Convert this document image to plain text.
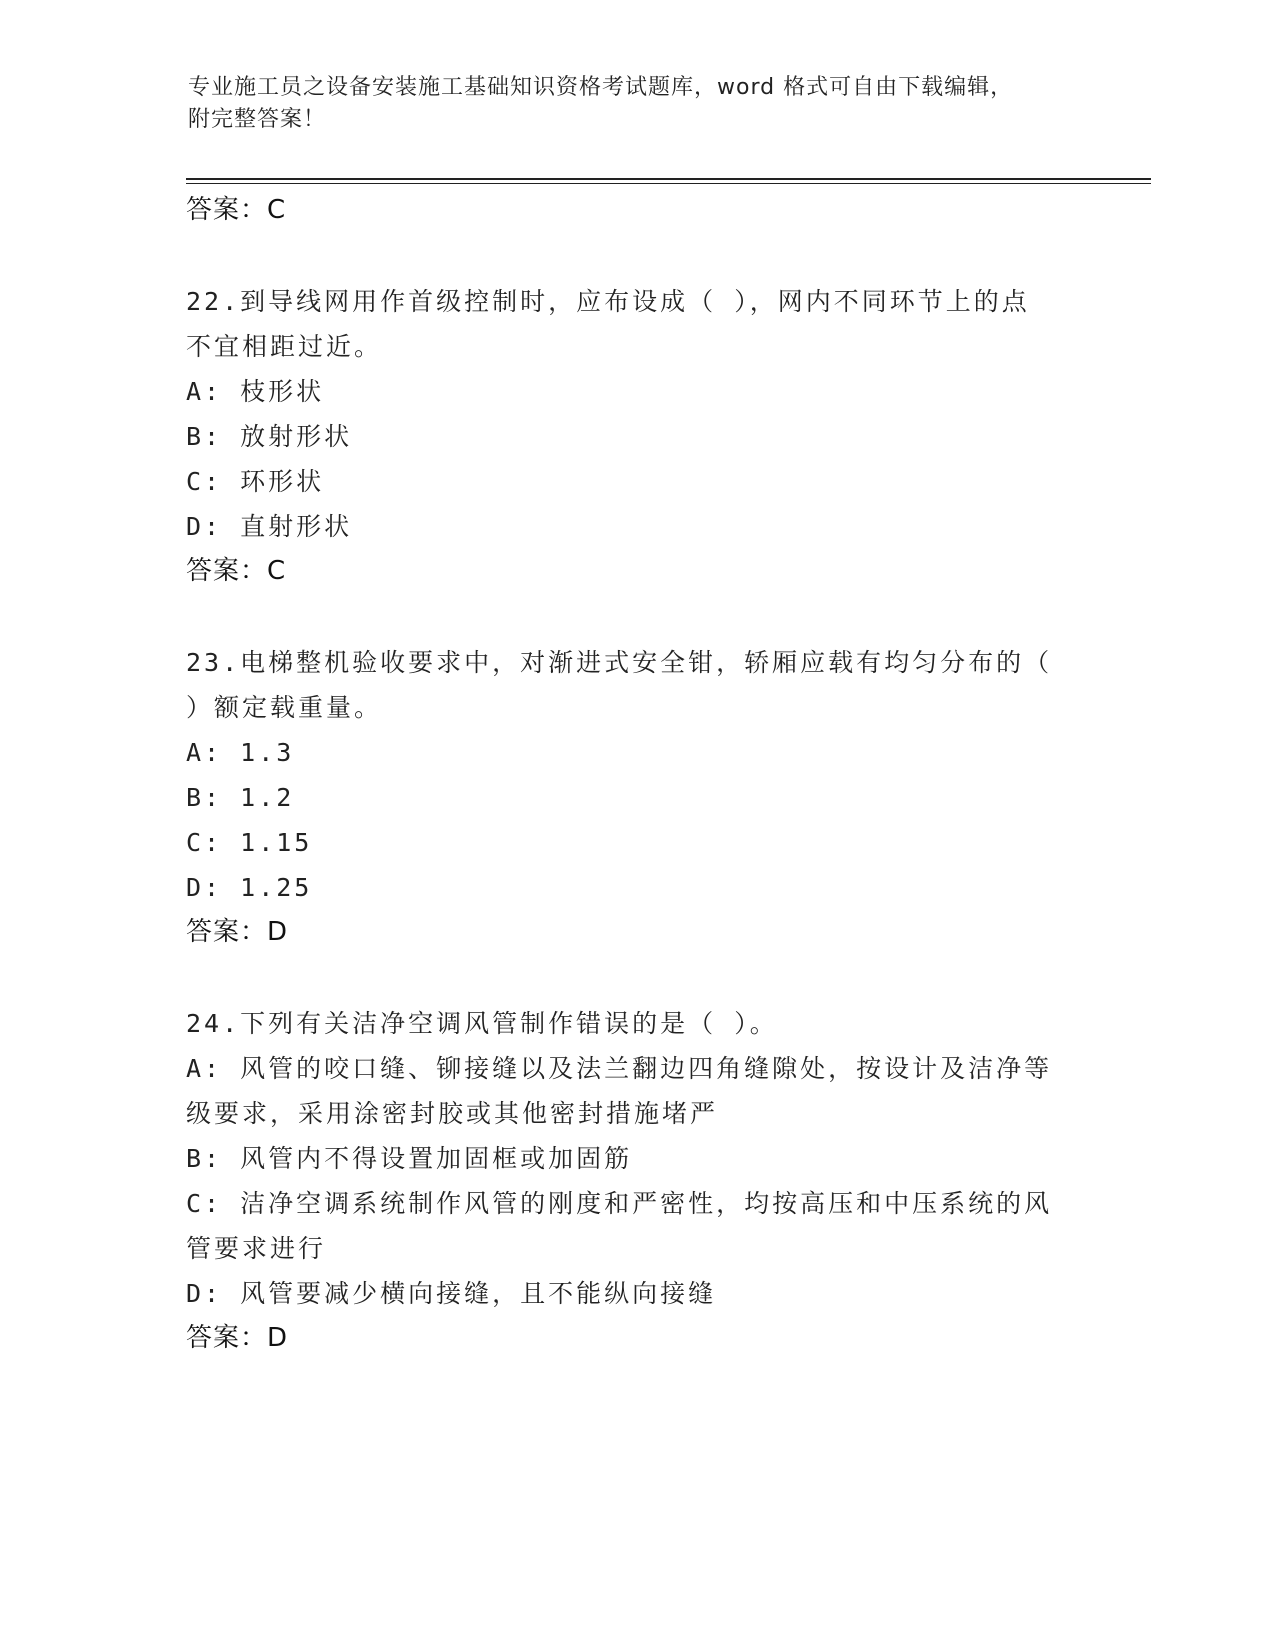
专业施工员之设备安装施工基础知识资格考试题库，word 格式可自由下载编辑，
附完整答案！
答案：C
22.到导线网用作首级控制时，应布设成（ ），网内不同环节上的点
不宜相距过近。
A: 枝形状
B: 放射形状
C: 环形状
D: 直射形状
答案：C
23.电梯整机验收要求中，对渐进式安全钳，轿厢应载有均匀分布的（
）额定载重量。
A: 1.3
B: 1.2
C: 1.15
D: 1.25
答案：D
24.下列有关洁净空调风管制作错误的是（ ）。
A: 风管的咬口缝、铆接缝以及法兰翻边四角缝隙处，按设计及洁净等
级要求，采用涂密封胶或其他密封措施堵严
B: 风管内不得设置加固框或加固筋
C: 洁净空调系统制作风管的刚度和严密性，均按高压和中压系统的风
管要求进行
D: 风管要减少横向接缝，且不能纵向接缝
答案：D
